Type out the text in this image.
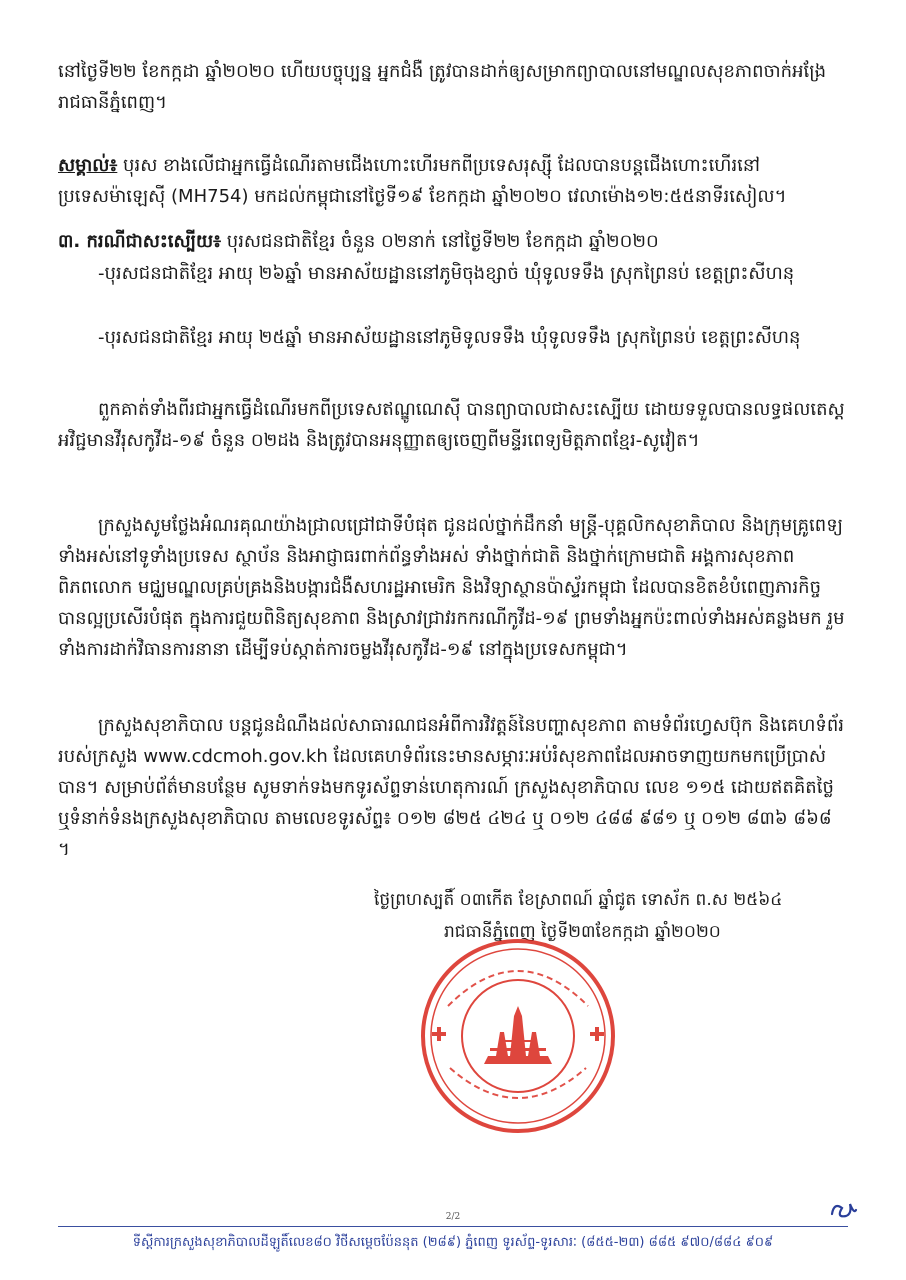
នៅថ្ងៃទី២២ ខែកក្កដា ឆ្នាំ២០២០ ហើយបច្ចុប្បន្ន អ្នកជំងឺ ត្រូវបានដាក់ឲ្យសម្រាកព្យាបាលនៅមណ្ឌលសុខភាពចាក់អង្រែ រាជធានីភ្នំពេញ។

សម្គាល់៖ បុរស ខាងលើជាអ្នកធ្វើដំណើរតាមជើងហោះហើរមកពីប្រទេសរុស្ស៊ី ដែលបានបន្តជើងហោះហើរនៅប្រទេសម៉ាឡេស៊ី (MH754) មកដល់កម្ពុជានៅថ្ងៃទី១៩ ខែកក្កដា ឆ្នាំ២០២០ វេលាម៉ោង១២:៥៥នាទីរសៀល។

៣. ករណីជាសះស្បើយ៖ បុរសជនជាតិខ្មែរ ចំនួន ០២នាក់ នៅថ្ងៃទី២២ ខែកក្កដា ឆ្នាំ២០២០

-បុរសជនជាតិខ្មែរ អាយុ ២៦ឆ្នាំ មានអាស័យដ្ឋាននៅភូមិចុងខ្សាច់ ឃុំទូលទទឹង ស្រុកព្រៃនប់ ខេត្តព្រះសីហនុ

-បុរសជនជាតិខ្មែរ អាយុ ២៥ឆ្នាំ មានអាស័យដ្ឋាននៅភូមិទូលទទឹង ឃុំទូលទទឹង ស្រុកព្រៃនប់ ខេត្តព្រះសីហនុ

ពួកគាត់ទាំងពីរជាអ្នកធ្វើដំណើរមកពីប្រទេសឥណ្ឌូណេស៊ី បានព្យាបាលជាសះស្បើយ ដោយទទួលបានលទ្ធផលតេស្តអវិជ្ជមានវីរុសកូវីដ-១៩ ចំនួន ០២ដង និងត្រូវបានអនុញ្ញាតឲ្យចេញពីមន្ទីរពេទ្យមិត្តភាពខ្មែរ-សូវៀត។

ក្រសួងសូមថ្លែងអំណរគុណយ៉ាងជ្រាលជ្រៅជាទីបំផុត ជូនដល់ថ្នាក់ដឹកនាំ មន្ត្រី-បុគ្គលិកសុខាភិបាល និងក្រុមគ្រូពេទ្យទាំងអស់នៅទូទាំងប្រទេស ស្ថាប័ន និងអាជ្ញាធរពាក់ព័ន្ធទាំងអស់ ទាំងថ្នាក់ជាតិ និងថ្នាក់ក្រោមជាតិ អង្គការសុខភាពពិភពលោក មជ្ឈមណ្ឌលគ្រប់គ្រងនិងបង្ការជំងឺសហរដ្ឋអាមេរិក និងវិទ្យាស្ថានប៉ាស្ទ័រកម្ពុជា ដែលបានខិតខំបំពេញភារកិច្ចបានល្អប្រសើរបំផុត ក្នុងការជួយពិនិត្យសុខភាព និងស្រាវជ្រាវរកករណីកូវីដ-១៩ ព្រមទាំងអ្នកប៉ះពាល់ទាំងអស់គន្លងមក រួមទាំងការដាក់វិធានការនានា ដើម្បីទប់ស្កាត់ការចម្លងវីរុសកូវីដ-១៩ នៅក្នុងប្រទេសកម្ពុជា។

ក្រសួងសុខាភិបាល បន្តជូនដំណឹងដល់សាធារណជនអំពីការវិវត្តន៍នៃបញ្ហាសុខភាព តាមទំព័រហ្វេសប៊ុក និងគេហទំព័ររបស់ក្រសួង www.cdcmoh.gov.kh ដែលគេហទំព័រនេះមានសម្ភារៈអប់រំសុខភាពដែលអាចទាញយកមកប្រើប្រាស់បាន។ សម្រាប់ព័ត៌មានបន្ថែម សូមទាក់ទងមកទូរស័ព្ទទាន់ហេតុការណ៍ ក្រសួងសុខាភិបាល លេខ ១១៥ ដោយឥតគិតថ្លៃ ឬទំនាក់ទំនងក្រសួងសុខាភិបាល តាមលេខទូរស័ព្ទ៖ ០១២ ៨២៥ ៤២៤ ឬ ០១២ ៤៨៨ ៩៨១ ឬ ០១២ ៨៣៦ ៨៦៨ ។

ថ្ងៃព្រហស្បតិ៍ ០៣កើត ខែស្រាពណ៍ ឆ្នាំជូត ទោស័ក ព.ស ២៥៦៤
រាជធានីភ្នំពេញ ថ្ងៃទី២៣ខែកក្កដា ឆ្នាំ២០២០
2/2
ទីស្តីការក្រសួងសុខាភិបាលដីឡូតិ៍លេខ៨០ វិថីសម្តេចប៉ែននុត (២៨៩) ភ្នំពេញ ទូរស័ព្ទ-ទូរសារៈ (៨៥៥-២៣) ៨៨៥ ៩៧០/៨៨៤ ៩០៩
